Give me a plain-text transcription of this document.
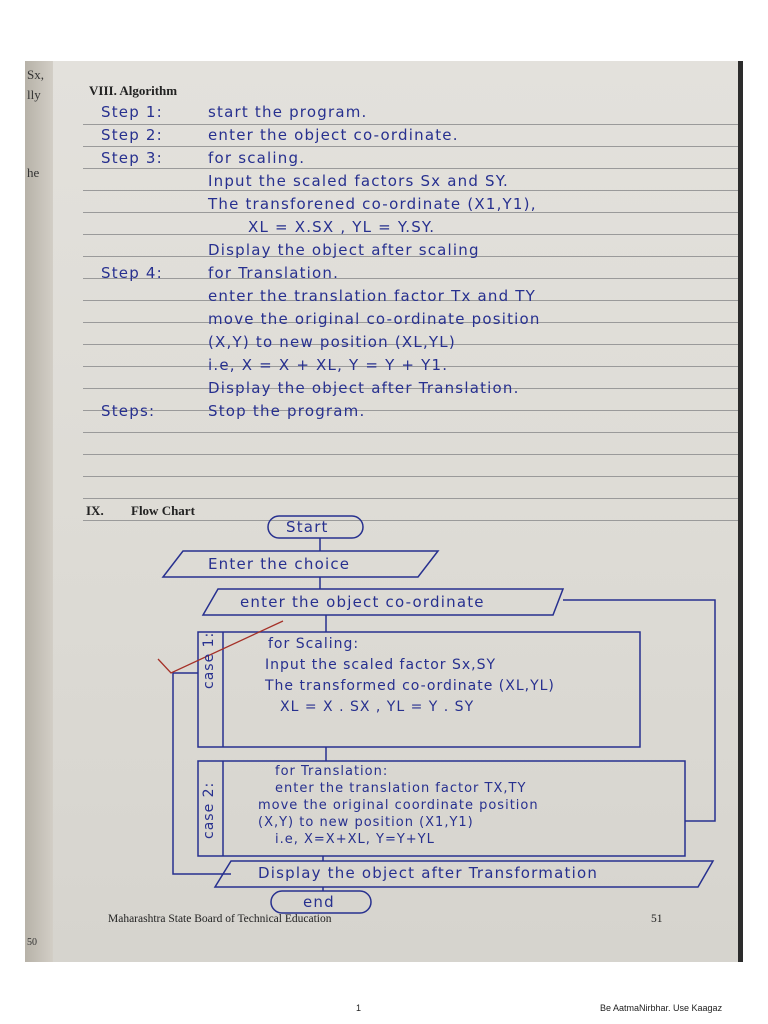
Sx,
lly
he
50
VIII. Algorithm
Step 1:	start the program.
Step 2:	enter the object co-ordinate.
Step 3:	for scaling.
Input the scaled factors Sx and SY.
The transforened co-ordinate (X1,Y1),
XL = X.SX , YL = Y.SY.
Display the object after scaling
Step 4:	for Translation.
enter the translation factor Tx and TY
move the original co-ordinate position
(X,Y) to new position (XL,YL)
i.e, X = X + XL, Y = Y + Y1.
Display the object after Translation.
Steps:	Stop the program.
IX. Flow Chart
Start
Enter the choice
enter the object co-ordinate
case 1:	for Scaling:
Input the scaled factor Sx,SY
The transformed co-ordinate (XL,YL)
XL = X . SX , YL = Y . SY
case 2:
for Translation:
enter the translation factor TX,TY
move the original coordinate position
(X,Y) to new position (X1,Y1)
i.e, X=X+XL, Y=Y+YL
Display the object after Transformation
end
Maharashtra State Board of Technical Education	51
1	Be AatmaNirbhar. Use Kaagaz
